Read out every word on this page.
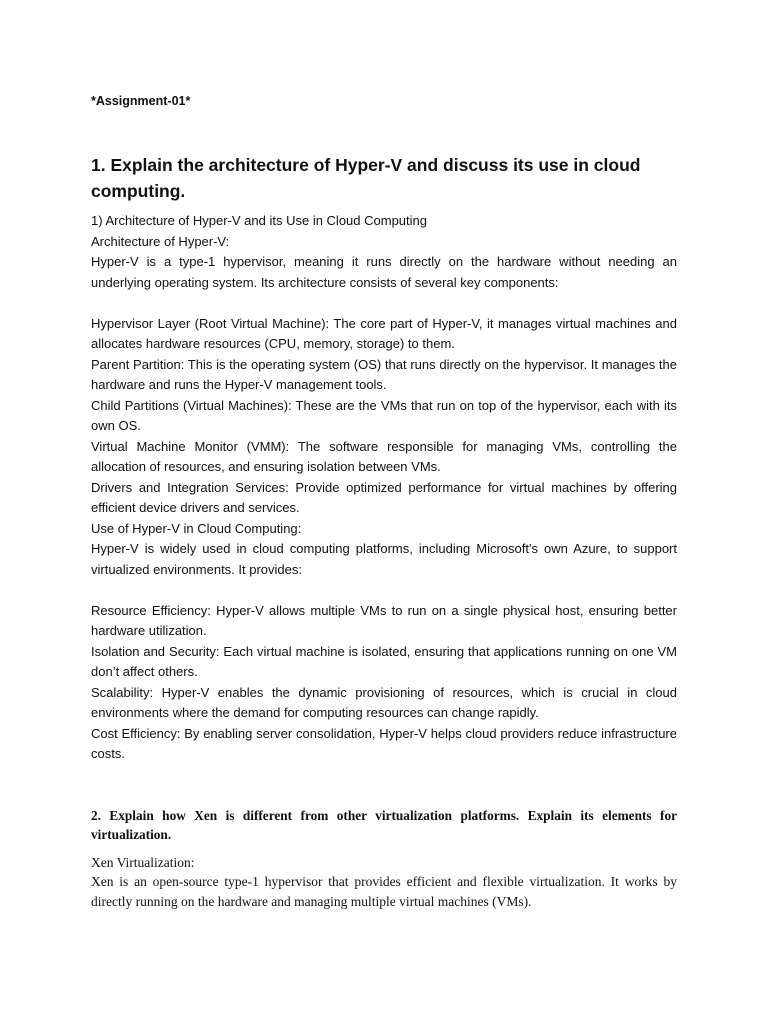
*Assignment-01*

1. Explain the architecture of Hyper-V and discuss its use in cloud computing.

1) Architecture of Hyper-V and its Use in Cloud Computing

Architecture of Hyper-V:

Hyper-V is a type-1 hypervisor, meaning it runs directly on the hardware without needing an underlying operating system. Its architecture consists of several key components:

Hypervisor Layer (Root Virtual Machine): The core part of Hyper-V, it manages virtual machines and allocates hardware resources (CPU, memory, storage) to them.

Parent Partition: This is the operating system (OS) that runs directly on the hypervisor. It manages the hardware and runs the Hyper-V management tools.

Child Partitions (Virtual Machines): These are the VMs that run on top of the hypervisor, each with its own OS.

Virtual Machine Monitor (VMM): The software responsible for managing VMs, controlling the allocation of resources, and ensuring isolation between VMs.

Drivers and Integration Services: Provide optimized performance for virtual machines by offering efficient device drivers and services.

Use of Hyper-V in Cloud Computing:

Hyper-V is widely used in cloud computing platforms, including Microsoft's own Azure, to support virtualized environments. It provides:

Resource Efficiency: Hyper-V allows multiple VMs to run on a single physical host, ensuring better hardware utilization.

Isolation and Security: Each virtual machine is isolated, ensuring that applications running on one VM don’t affect others.

Scalability: Hyper-V enables the dynamic provisioning of resources, which is crucial in cloud environments where the demand for computing resources can change rapidly.

Cost Efficiency: By enabling server consolidation, Hyper-V helps cloud providers reduce infrastructure costs.

2. Explain how Xen is different from other virtualization platforms. Explain its elements for virtualization.

Xen Virtualization:

Xen is an open-source type-1 hypervisor that provides efficient and flexible virtualization. It works by directly running on the hardware and managing multiple virtual machines (VMs).
